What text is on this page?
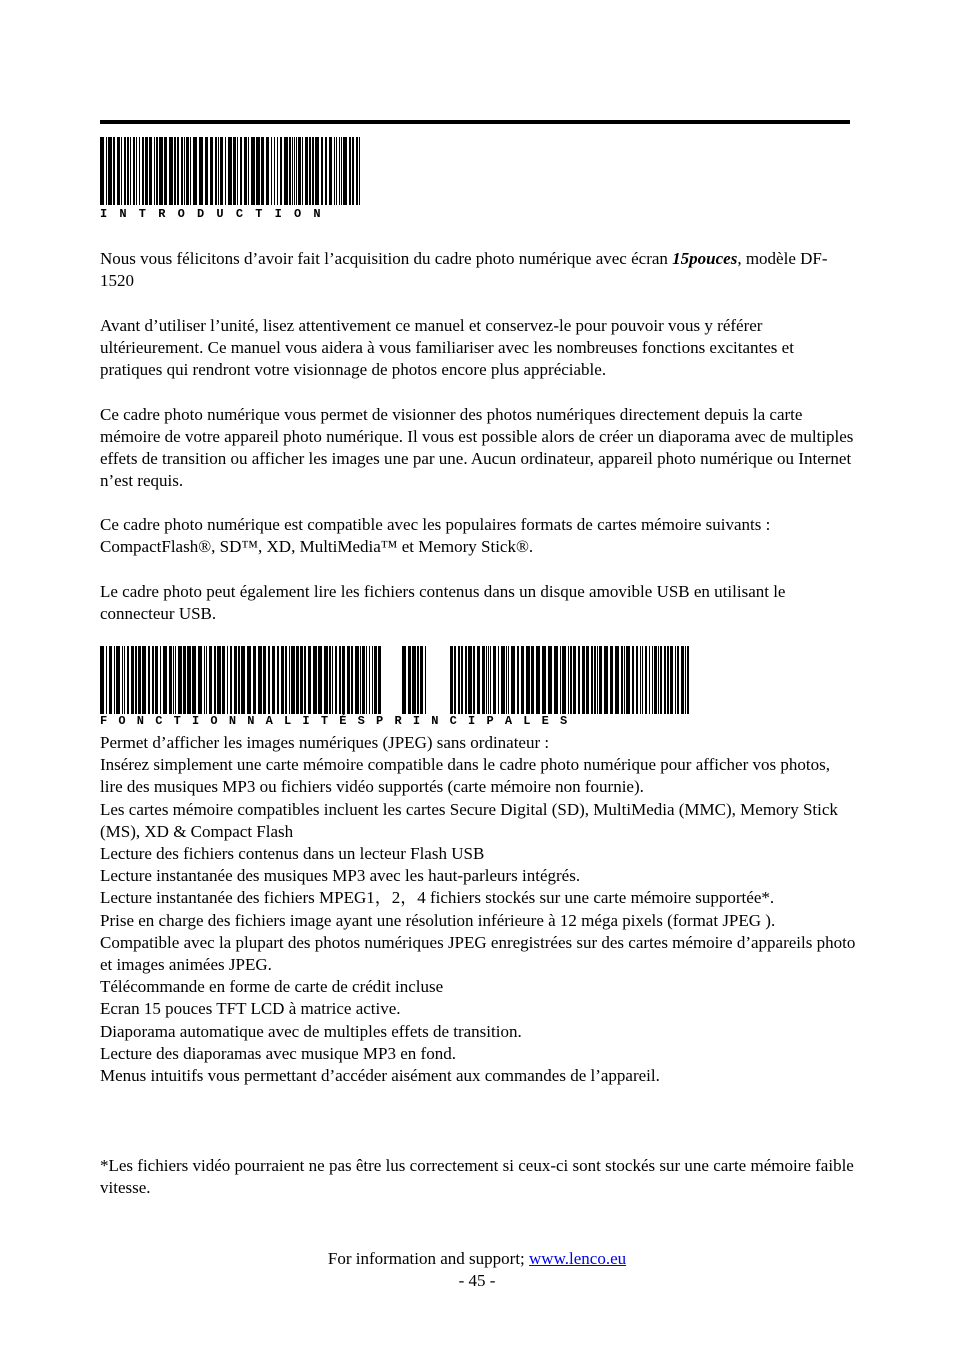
I N T R O D U C T I O N

Nous vous félicitons d’avoir fait l’acquisition du cadre photo numérique avec écran 15pouces, modèle DF-1520

Avant d’utiliser l’unité, lisez attentivement ce manuel et conservez-le pour pouvoir vous y référer ultérieurement. Ce manuel vous aidera à vous familiariser avec les nombreuses fonctions excitantes et pratiques qui rendront votre visionnage de photos encore plus appréciable.

Ce cadre photo numérique vous permet de visionner des photos numériques directement depuis la carte mémoire de votre appareil photo numérique. Il vous est possible alors de créer un diaporama avec de multiples effets de transition ou afficher les images une par une. Aucun ordinateur, appareil photo numérique ou Internet n’est requis.

Ce cadre photo numérique est compatible avec les populaires formats de cartes mémoire suivants : CompactFlash®, SD™, XD, MultiMedia™ et Memory Stick®.

Le cadre photo peut également lire les fichiers contenus dans un disque amovible USB en utilisant le connecteur USB.

F O N C T I O N N A L I T É S P R I N C I P A L E S
Permet d’afficher les images numériques (JPEG) sans ordinateur :
Insérez simplement une carte mémoire compatible dans le cadre photo numérique pour afficher vos photos, lire des musiques MP3 ou fichiers vidéo supportés (carte mémoire non fournie).
Les cartes mémoire compatibles incluent les cartes Secure Digital (SD), MultiMedia (MMC), Memory Stick (MS), XD & Compact Flash
Lecture des fichiers contenus dans un lecteur Flash USB
Lecture instantanée des musiques MP3 avec les haut-parleurs intégrés.
Lecture instantanée des fichiers MPEG1，2，4 fichiers stockés sur une carte mémoire supportée*.
Prise en charge des fichiers image ayant une résolution inférieure à 12 méga pixels (format JPEG ).
Compatible avec la plupart des photos numériques JPEG enregistrées sur des cartes mémoire d’appareils photo et images animées JPEG.
Télécommande en forme de carte de crédit incluse
Ecran 15 pouces TFT LCD à matrice active.
Diaporama automatique avec de multiples effets de transition.
Lecture des diaporamas avec musique MP3 en fond.
Menus intuitifs vous permettant d’accéder aisément aux commandes de l’appareil.

*Les fichiers vidéo pourraient ne pas être lus correctement si ceux-ci sont stockés sur une carte mémoire faible vitesse.

For information and support; www.lenco.eu
- 45 -
